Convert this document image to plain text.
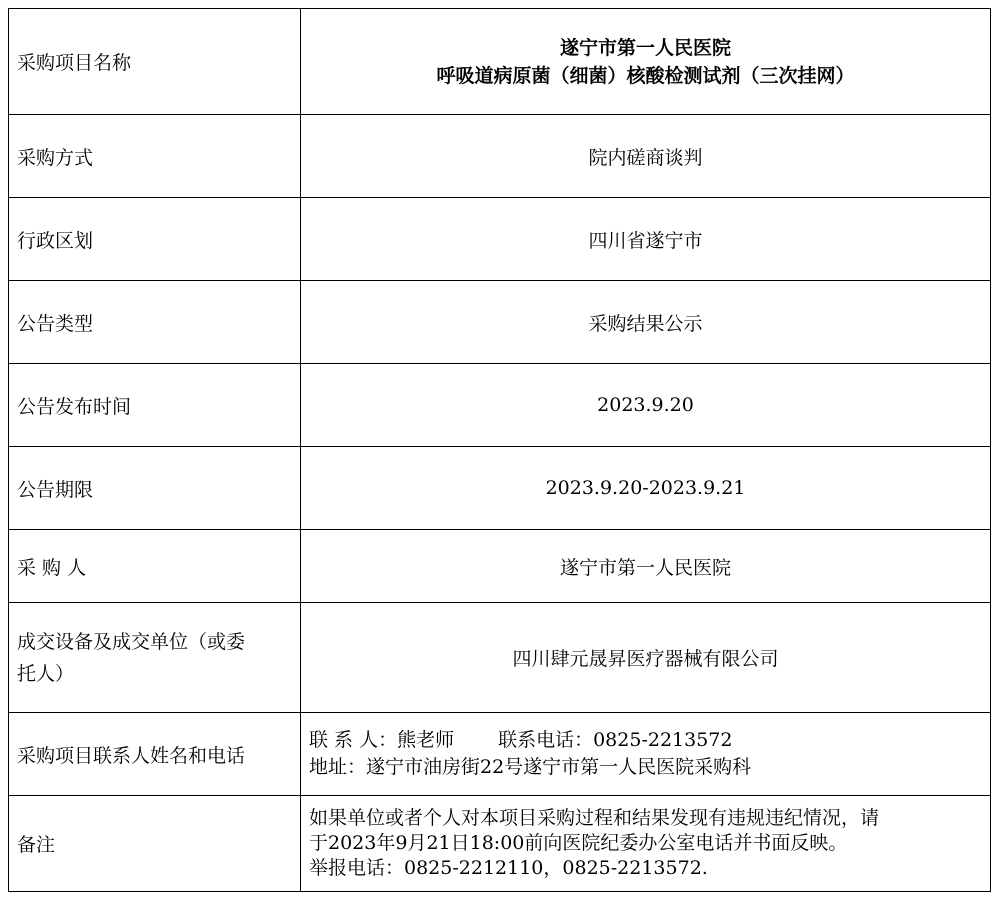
采购项目名称	遂宁市第一人民医院
呼吸道病原菌（细菌）核酸检测试剂（三次挂网）

采购方式	院内磋商谈判
行政区划	四川省遂宁市
公告类型	采购结果公示
公告发布时间	2023.9.20
公告期限	2023.9.20-2023.9.21
采 购 人	遂宁市第一人民医院

成交设备及成交单位（或委
托人）	四川肆元晟昇医疗器械有限公司
采购项目联系人姓名和电话	联 系 人：熊老师 联系电话：0825-2213572
地址：遂宁市油房街22号遂宁市第一人民医院采购科

备注	如果单位或者个人对本项目采购过程和结果发现有违规违纪情况，请
于2023年9月21日18:00前向医院纪委办公室电话并书面反映。
举报电话：0825-2212110，0825-2213572.
